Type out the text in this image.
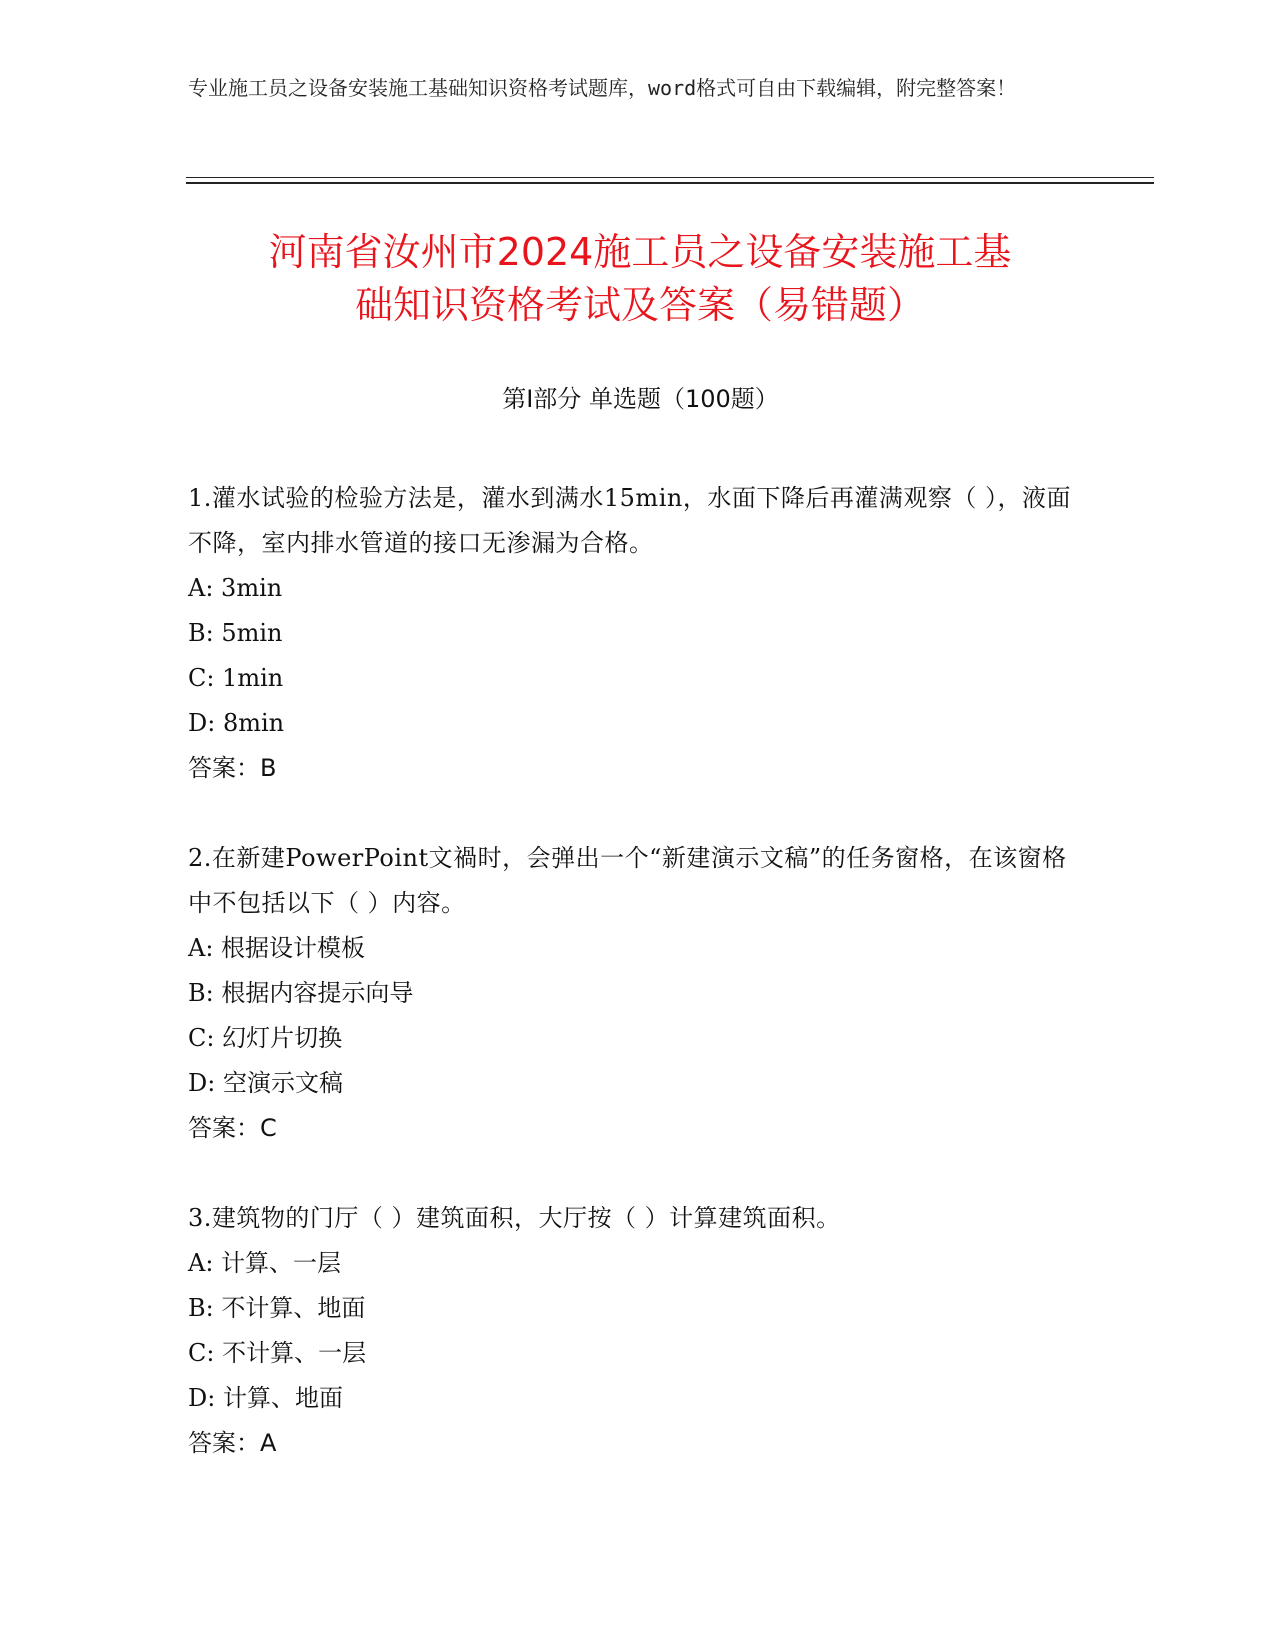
专业施工员之设备安装施工基础知识资格考试题库，word格式可自由下载编辑，附完整答案！
河南省汝州市2024施工员之设备安装施工基
础知识资格考试及答案（易错题）
第Ⅰ部分 单选题（100题）
1.灌水试验的检验方法是，灌水到满水15min，水面下降后再灌满观察（ ），液面不降，室内排水管道的接口无渗漏为合格。
A: 3min
B: 5min
C: 1min
D: 8min
答案：B
2.在新建PowerPoint文禍时，会弹出一个“新建演示文稿”的任务窗格，在该窗格中不包括以下（ ）内容。
A: 根据设计模板
B: 根据内容提示向导
C: 幻灯片切换
D: 空演示文稿
答案：C
3.建筑物的门厅（ ）建筑面积，大厅按（ ）计算建筑面积。
A: 计算、一层
B: 不计算、地面
C: 不计算、一层
D: 计算、地面
答案：A
